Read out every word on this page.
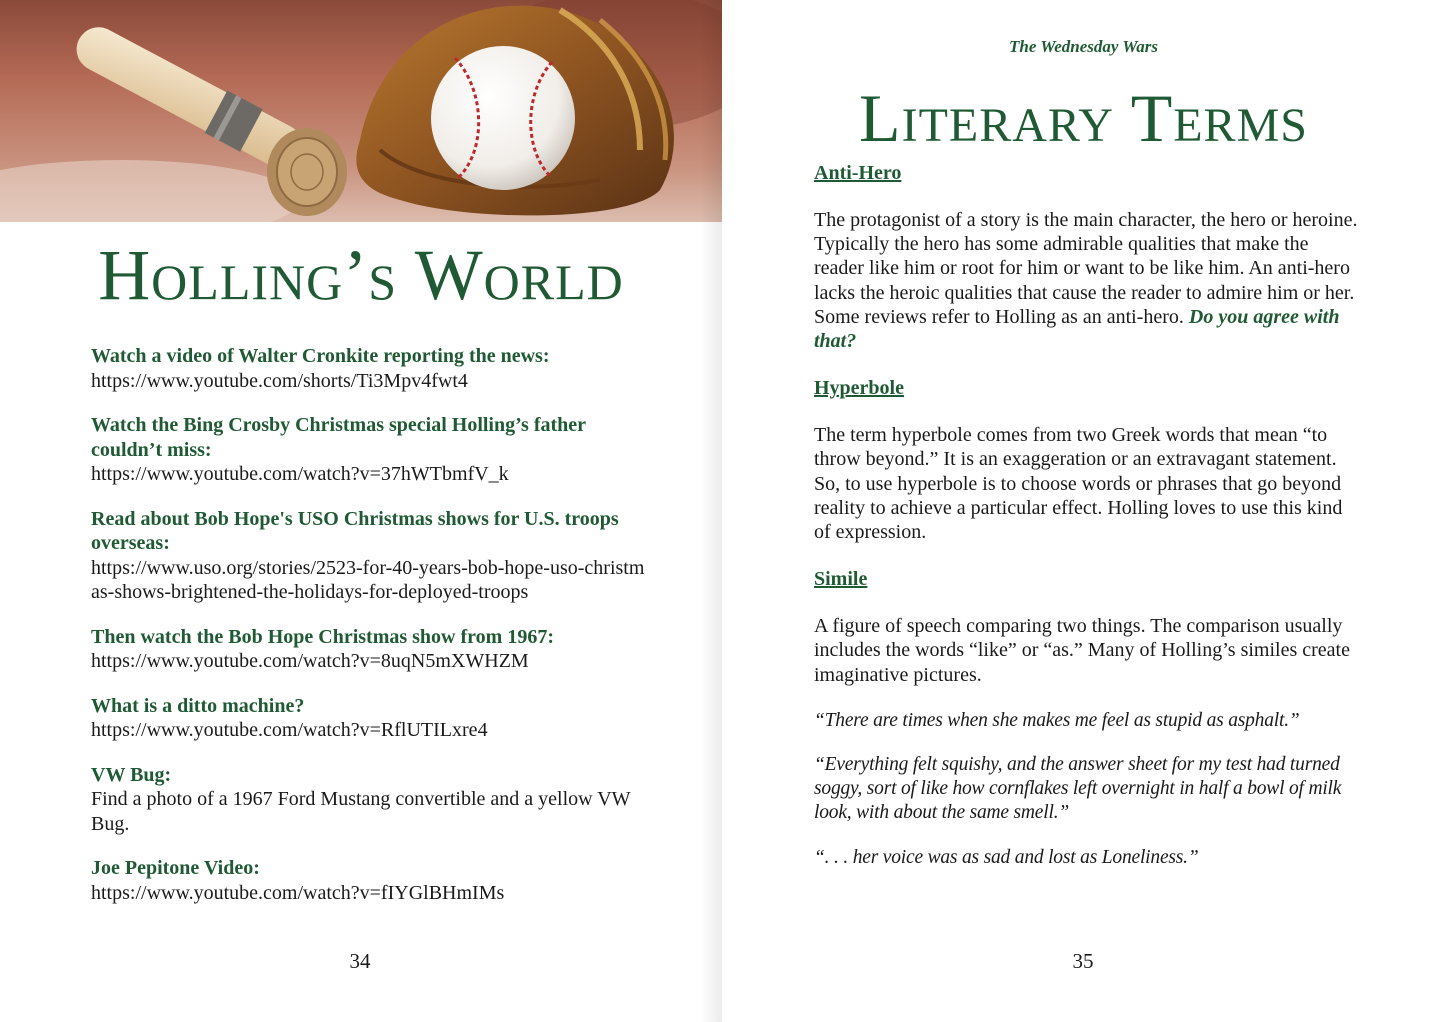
Holling’s World
Watch a video of Walter Cronkite reporting the news:
https://www.youtube.com/shorts/Ti3Mpv4fwt4
Watch the Bing Crosby Christmas special Holling’s father couldn’t miss:
https://www.youtube.com/watch?v=37hWTbmfV_k
Read about Bob Hope's USO Christmas shows for U.S. troops overseas:
https://www.uso.org/stories/2523-for-40-years-bob-hope-uso-christmas-shows-brightened-the-holidays-for-deployed-troops
Then watch the Bob Hope Christmas show from 1967:
https://www.youtube.com/watch?v=8uqN5mXWHZM
What is a ditto machine?
https://www.youtube.com/watch?v=RflUTILxre4
VW Bug:
Find a photo of a 1967 Ford Mustang convertible and a yellow VW Bug.
Joe Pepitone Video:
https://www.youtube.com/watch?v=fIYGlBHmIMs
34
The Wednesday Wars
Literary Terms
Anti-Hero
The protagonist of a story is the main character, the hero or heroine. Typically the hero has some admirable qualities that make the reader like him or root for him or want to be like him. An anti-hero lacks the heroic qualities that cause the reader to admire him or her. Some reviews refer to Holling as an anti-hero. Do you agree with that?
Hyperbole
The term hyperbole comes from two Greek words that mean “to throw beyond.” It is an exaggeration or an extravagant statement. So, to use hyperbole is to choose words or phrases that go beyond reality to achieve a particular effect. Holling loves to use this kind of expression.
Simile
A figure of speech comparing two things. The comparison usually includes the words “like” or “as.” Many of Holling’s similes create imaginative pictures.
“There are times when she makes me feel as stupid as asphalt.”
“Everything felt squishy, and the answer sheet for my test had turned soggy, sort of like how cornflakes left overnight in half a bowl of milk look, with about the same smell.”
“. . . her voice was as sad and lost as Loneliness.”
35
